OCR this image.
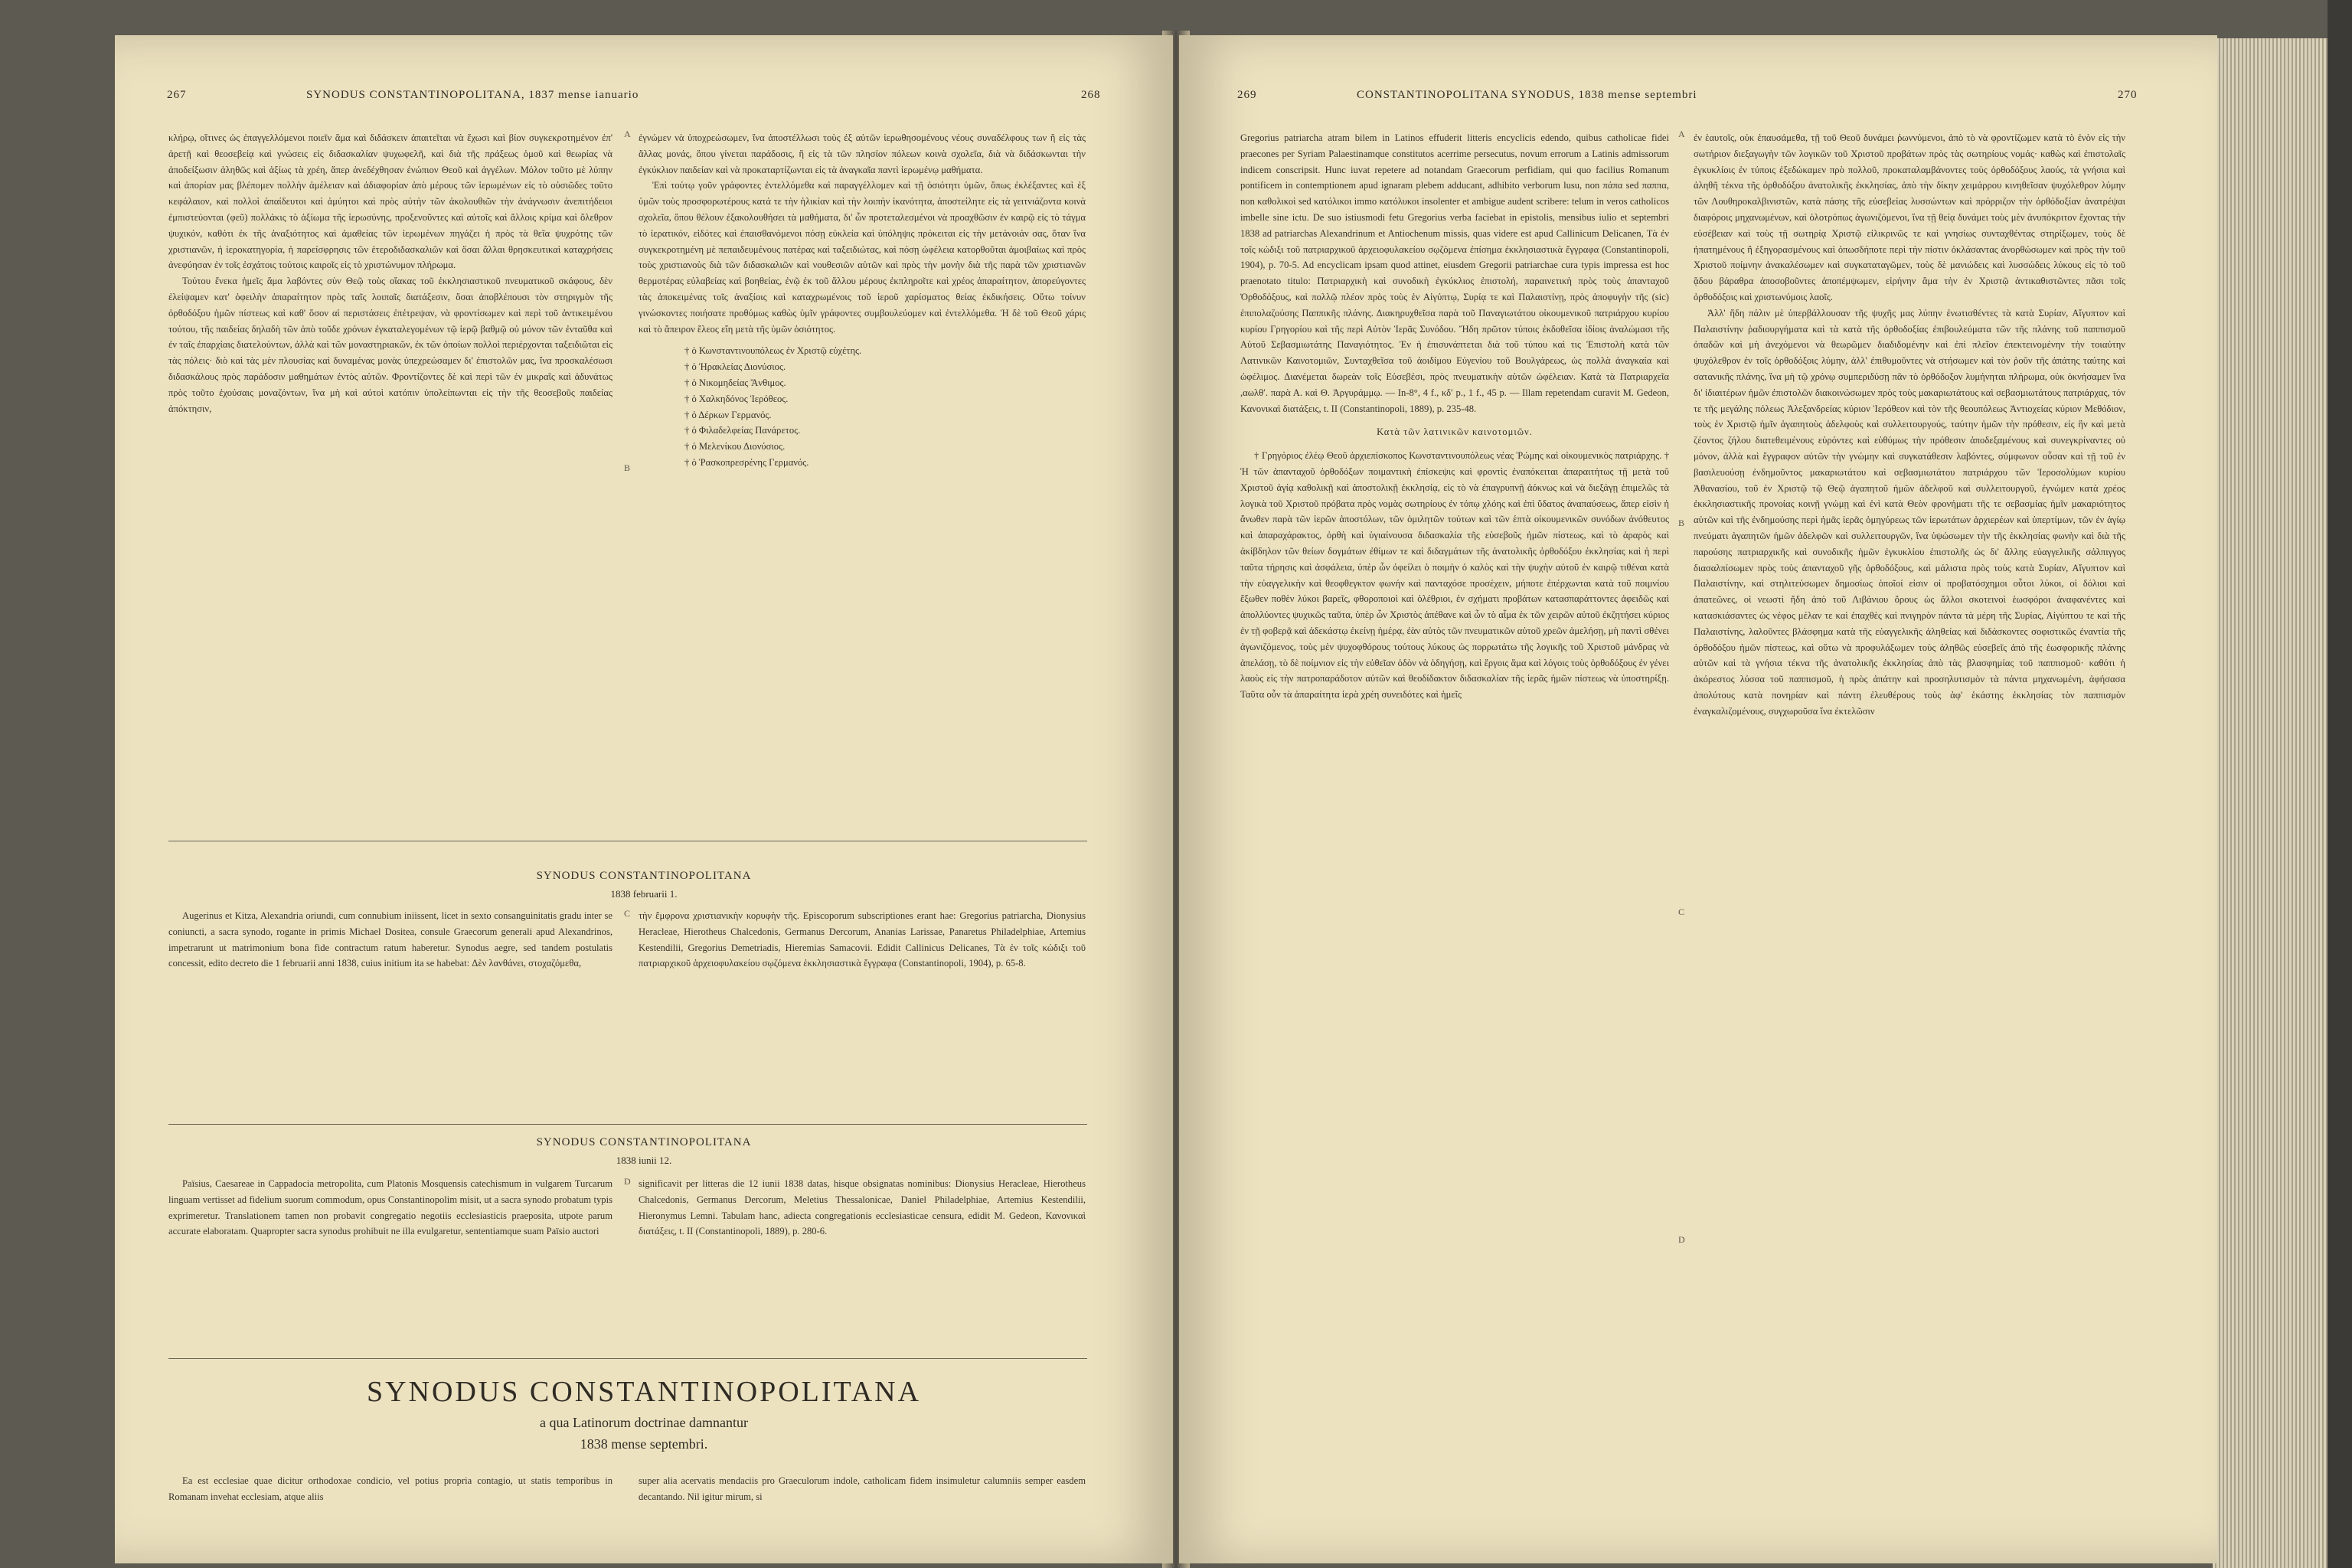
267	SYNODUS CONSTANTINOPOLITANA, 1837 mense ianuario	268

κλήρῳ, οἵτινες ὡς ἐπαγγελλόμενοι ποιεῖν ἅμα καὶ διδάσκειν ἀπαιτεῖται νὰ ἔχωσι καὶ βίον συγκεκροτημένον ἐπ' ἀρετῇ καὶ θεοσεβείᾳ καὶ γνώσεις εἰς διδασκαλίαν ψυχωφελῆ, καὶ διὰ τῆς πράξεως ὁμοῦ καὶ θεωρίας νὰ ἀποδείξωσιν ἀληθῶς καὶ ἀξίως τὰ χρέη, ἅπερ ἀνεδέχθησαν ἐνώπιον Θεοῦ καὶ ἀγγέλων. Μόλον τοῦτο μὲ λύπην καὶ ἀπορίαν μας βλέπομεν πολλὴν ἀμέλειαν καὶ ἀδιαφορίαν ἀπὸ μέρους τῶν ἱερωμένων εἰς τὸ οὐσιῶδες τοῦτο κεφάλαιον, καὶ πολλοὶ ἀπαίδευτοι καὶ ἀμύητοι καὶ πρὸς αὐτὴν τῶν ἀκολουθιῶν τὴν ἀνάγνωσιν ἀνεπιτήδειοι ἐμπιστεύονται (φεῦ) πολλάκις τὸ ἀξίωμα τῆς ἱερωσύνης, προξενοῦντες καὶ αὐτοῖς καὶ ἄλλοις κρίμα καὶ ὄλεθρον ψυχικόν, καθότι ἐκ τῆς ἀναξιότητος καὶ ἀμαθείας τῶν ἱερωμένων πηγάζει ἡ πρὸς τὰ θεῖα ψυχρότης τῶν χριστιανῶν, ἡ ἱεροκατηγορία, ἡ παρείσφρησις τῶν ἑτεροδιδασκαλιῶν καὶ ὅσαι ἄλλαι θρησκευτικαὶ καταχρήσεις ἀνεφύησαν ἐν τοῖς ἐσχάτοις τούτοις καιροῖς εἰς τὸ χριστώνυμον πλήρωμα.

Τούτου ἕνεκα ἡμεῖς ἅμα λαβόντες σὺν Θεῷ τοὺς οἴακας τοῦ ἐκκλησιαστικοῦ πνευματικοῦ σκάφους, δὲν ἐλείψαμεν κατ' ὀφειλὴν ἀπαραίτητον πρὸς ταῖς λοιπαῖς διατάξεσιν, ὅσαι ἀποβλέπουσι τὸν στηριγμὸν τῆς ὀρθοδόξου ἡμῶν πίστεως καὶ καθ' ὅσον αἱ περιστάσεις ἐπέτρεψαν, νὰ φροντίσωμεν καὶ περὶ τοῦ ἀντικειμένου τούτου, τῆς παιδείας δηλαδὴ τῶν ἀπὸ τοῦδε χρόνων ἐγκαταλεγομένων τῷ ἱερῷ βαθμῷ οὐ μόνον τῶν ἐνταῦθα καὶ ἐν ταῖς ἐπαρχίαις διατελούντων, ἀλλὰ καὶ τῶν μοναστηριακῶν, ἐκ τῶν ὁποίων πολλοὶ περιέρχονται ταξειδιῶται εἰς τὰς πόλεις· διὸ καὶ τὰς μὲν πλουσίας καὶ δυναμένας μονὰς ὑπεχρεώσαμεν δι' ἐπιστολῶν μας, ἵνα προσκαλέσωσι διδασκάλους πρὸς παράδοσιν μαθημάτων ἐντὸς αὐτῶν. Φροντίζοντες δὲ καὶ περὶ τῶν ἐν μικραῖς καὶ ἀδυνάτως πρὸς τοῦτο ἐχούσαις μοναζόντων, ἵνα μὴ καὶ αὐτοὶ κατόπιν ὑπολείπωνται εἰς τὴν τῆς θεοσεβοῦς παιδείας ἀπόκτησιν,

ἐγνώμεν νὰ ὑποχρεώσωμεν, ἵνα ἀποστέλλωσι τοὺς ἐξ αὐτῶν ἱερωθησομένους νέους συναδέλφους των ἢ εἰς τὰς ἄλλας μονάς, ὅπου γίνεται παράδοσις, ἢ εἰς τὰ τῶν πλησίον πόλεων κοινὰ σχολεῖα, διὰ νὰ διδάσκωνται τὴν ἐγκύκλιον παιδείαν καὶ νὰ προκαταρτίζωνται εἰς τὰ ἀναγκαῖα παντὶ ἱερωμένῳ μαθήματα.

Ἐπὶ τούτῳ γοῦν γράφοντες ἐντελλόμεθα καὶ παραγγέλλομεν καὶ τῇ ὁσιότητι ὑμῶν, ὅπως ἐκλέξαντες καὶ ἐξ ὑμῶν τοὺς προσφορωτέρους κατά τε τὴν ἡλικίαν καὶ τὴν λοιπὴν ἱκανότητα, ἀποστείλητε εἰς τὰ γειτνιάζοντα κοινὰ σχολεῖα, ὅπου θέλουν ἐξακολουθήσει τὰ μαθήματα, δι' ὧν προτεταλεσμένοι νὰ προαχθῶσιν ἐν καιρῷ εἰς τὸ τάγμα τὸ ἱερατικόν, εἰδότες καὶ ἐπαισθανόμενοι πόσῃ εὐκλεία καὶ ὑπόληψις πρόκειται εἰς τὴν μετάνοιάν σας, ὅταν ἴνα συγκεκροτημένη μὲ πεπαιδευμένους πατέρας καὶ ταξειδιώτας, καὶ πόσῃ ὠφέλεια κατορθοῦται ἀμοιβαίως καὶ πρὸς τοὺς χριστιανοὺς διὰ τῶν διδασκαλιῶν καὶ νουθεσιῶν αὐτῶν καὶ πρὸς τὴν μονὴν διὰ τῆς παρὰ τῶν χριστιανῶν θερμοτέρας εὐλαβείας καὶ βοηθείας, ἐνῷ ἐκ τοῦ ἄλλου μέρους ἐκπληροῖτε καὶ χρέος ἀπαραίτητον, ἀπορεύγοντες τὰς ἀποκειμένας τοῖς ἀναξίοις καὶ καταχρωμένοις τοῦ ἱεροῦ χαρίσματος θείας ἐκδικήσεις. Οὕτω τοίνυν γινώσκοντες ποιήσατε προθύμως καθὼς ὑμῖν γράφοντες συμβουλεύομεν καὶ ἐντελλόμεθα. Ἡ δὲ τοῦ Θεοῦ χάρις καὶ τὸ ἄπειρον ἔλεος εἴη μετὰ τῆς ὑμῶν ὁσιότητος.

† ὁ Κωνσταντινουπόλεως ἐν Χριστῷ εὐχέτης.

† ὁ Ἡρακλείας Διονύσιος.

† ὁ Νικομηδείας Ἄνθιμος.

† ὁ Χαλκηδόνος Ἱερόθεος.

† ὁ Δέρκων Γερμανός.

† ὁ Φιλαδελφείας Πανάρετος.

† ὁ Μελενίκου Διονύσιος.

† ὁ Ῥασκοπρεσρένης Γερμανός.

A
B
SYNODUS CONSTANTINOPOLITANA
1838 februarii 1.

Augerinus et Kitza, Alexandria oriundi, cum connubium iniissent, licet in sexto consanguinitatis gradu inter se coniuncti, a sacra synodo, rogante in primis Michael Dositea, consule Graecorum generali apud Alexandrinos, impetrarunt ut matrimonium bona fide contractum ratum haberetur. Synodus aegre, sed tandem postulatis concessit, edito decreto die 1 februarii anni 1838, cuius initium ita se habebat: Δὲν λανθάνει, στοχαζόμεθα,

C τὴν ἔμφρονα χριστιανικὴν κορυφὴν τῆς. Episcoporum subscriptiones erant hae: Gregorius patriarcha, Dionysius Heracleae, Hierotheus Chalcedonis, Germanus Dercorum, Ananias Larissae, Panaretus Philadelphiae, Artemius Kestendilii, Gregorius Demetriadis, Hieremias Samacovii. Edidit Callinicus Delicanes, Τὰ ἐν τοῖς κώδιξι τοῦ πατριαρχικοῦ ἀρχειοφυλακείου σῳζόμενα ἐκκλησιαστικὰ ἔγγραφα (Constantinopoli, 1904), p. 65-8.

SYNODUS CONSTANTINOPOLITANA
1838 iunii 12.

Païsius, Caesareae in Cappadocia metropolita, cum Platonis Mosquensis catechismum in vulgarem Turcarum linguam vertisset ad fidelium suorum commodum, opus Constantinopolim misit, ut a sacra synodo probatum typis exprimeretur. Translationem tamen non probavit congregatio negotiis ecclesiasticis praeposita, utpote parum accurate elaboratam. Quapropter sacra synodus prohibuit ne illa evulgaretur, sententiamque suam Païsio auctori

D significavit per litteras die 12 iunii 1838 datas, hisque obsignatas nominibus: Dionysius Heracleae, Hierotheus Chalcedonis, Germanus Dercorum, Meletius Thessalonicae, Daniel Philadelphiae, Artemius Kestendilii, Hieronymus Lemni. Tabulam hanc, adiecta congregationis ecclesiasticae censura, edidit M. Gedeon, Κανονικαὶ διατάξεις, t. II (Constantinopoli, 1889), p. 280-6.

SYNODUS CONSTANTINOPOLITANA
a qua Latinorum doctrinae damnantur
1838 mense septembri.

Ea est ecclesiae quae dicitur orthodoxae condicio, vel potius propria contagio, ut statis temporibus in Romanam invehat ecclesiam, atque aliis

super alia acervatis mendaciis pro Graeculorum indole, catholicam fidem insimuletur calumniis semper easdem decantando. Nil igitur mirum, si

269	CONSTANTINOPOLITANA SYNODUS, 1838 mense septembri	270

Gregorius patriarcha atram bilem in Latinos effuderit litteris encyclicis edendo, quibus catholicae fidei praecones per Syriam Palaestinamque constitutos acerrime persecutus, novum errorum a Latinis admissorum indicem conscripsit. Hunc iuvat repetere ad notandam Graecorum perfidiam, qui quo facilius Romanum pontificem in contemptionem apud ignaram plebem adducant, adhibito verborum lusu, non πάπα sed παππα, non καθολικοὶ sed κατόλικοι immo κατόλυκοι insolenter et ambigue audent scribere: telum in veros catholicos imbelle sine ictu. De suo istiusmodi fetu Gregorius verba faciebat in epistolis, mensibus iulio et septembri 1838 ad patriarchas Alexandrinum et Antiochenum missis, quas videre est apud Callinicum Delicanen, Τὰ ἐν τοῖς κώδιξι τοῦ πατριαρχικοῦ ἀρχειοφυλακείου σῳζόμενα ἐπίσημα ἐκκλησιαστικὰ ἔγγραφα (Constantinopoli, 1904), p. 70-5. Ad encyclicam ipsam quod attinet, eiusdem Gregorii patriarchae cura typis impressa est hoc praenotato titulo: Πατριαρχικὴ καὶ συνοδικὴ ἐγκύκλιος ἐπιστολή, παραινετικὴ πρὸς τοὺς ἀπανταχοῦ Ὀρθοδόξους, καὶ πολλῷ πλέον πρὸς τοὺς ἐν Αἰγύπτῳ, Συρίᾳ τε καὶ Παλαιστίνῃ, πρὸς ἀποφυγὴν τῆς (sic) ἐπιπολαζούσης Παππικῆς πλάνης. Διακηρυχθεῖσα παρὰ τοῦ Παναγιωτάτου οἰκουμενικοῦ πατριάρχου κυρίου κυρίου Γρηγορίου καὶ τῆς περὶ Αὐτὸν Ἱερᾶς Συνόδου. Ἤδη πρῶτον τύποις ἐκδοθεῖσα ἰδίοις ἀναλώμασι τῆς Αὐτοῦ Σεβασμιωτάτης Παναγιότητος. Ἐν ἡ ἐπισυνάπτεται διὰ τοῦ τύπου καὶ τις Ἐπιστολὴ κατὰ τῶν Λατινικῶν Καινοτομιῶν, Συνταχθεῖσα τοῦ ἀοιδίμου Εὐγενίου τοῦ Βουλγάρεως, ὡς πολλὰ ἀναγκαία καὶ ὠφέλιμος. Διανέμεται δωρεὰν τοῖς Εὐσεβέσι, πρὸς πνευματικὴν αὐτῶν ὠφέλειαν. Κατὰ τὰ Πατριαρχεῖα ,αωλθʹ. παρὰ Α. καὶ Θ. Ἀργυράμμῳ. — In-8°, 4 f., κδʹ p., 1 f., 45 p. — Illam repetendam curavit M. Gedeon, Κανονικαὶ διατάξεις, t. II (Constantinopoli, 1889), p. 235-48.

Κατὰ τῶν λατινικῶν καινοτομιῶν.

† Γρηγόριος ἐλέῳ Θεοῦ ἀρχιεπίσκοπος Κωνσταντινουπόλεως νέας Ῥώμης καὶ οἰκουμενικὸς πατριάρχης. † Ἡ τῶν ἀπανταχοῦ ὀρθοδόξων ποιμαντικὴ ἐπίσκεψις καὶ φροντὶς ἐναπόκειται ἀπαραιτήτως τῇ μετὰ τοῦ Χριστοῦ ἁγίᾳ καθολικῇ καὶ ἀποστολικῇ ἐκκλησίᾳ, εἰς τὸ νὰ ἐπαγρυπνῇ ἀόκνως καὶ νὰ διεξάγῃ ἐπιμελῶς τὰ λογικὰ τοῦ Χριστοῦ πρόβατα πρὸς νομὰς σωτηρίους ἐν τόπῳ χλόης καὶ ἐπὶ ὕδατος ἀναπαύσεως, ἅπερ εἰσὶν ἡ ἄνωθεν παρὰ τῶν ἱερῶν ἀποστόλων, τῶν ὁμιλητῶν τούτων καὶ τῶν ἑπτὰ οἰκουμενικῶν συνόδων ἀνόθευτος καὶ ἀπαραχάρακτος, ὀρθὴ καὶ ὑγιαίνουσα διδασκαλία τῆς εὐσεβοῦς ἡμῶν πίστεως, καὶ τὸ ἀραρὸς καὶ ἀκίβδηλον τῶν θείων δογμάτων ἐθίμων τε καὶ διδαγμάτων τῆς ἀνατολικῆς ὀρθοδόξου ἐκκλησίας καὶ ἡ περὶ ταῦτα τήρησις καὶ ἀσφάλεια, ὑπὲρ ὧν ὀφείλει ὁ ποιμὴν ὁ καλὸς καὶ τὴν ψυχὴν αὐτοῦ ἐν καιρῷ τιθέναι κατὰ τὴν εὐαγγελικὴν καὶ θεοφθεγκτον φωνήν καὶ πανταχόσε προσέχειν, μήποτε ἐπέρχωνται κατὰ τοῦ ποιμνίου ἔξωθεν ποθὲν λύκοι βαρεῖς, φθοροποιοὶ καὶ ὀλέθριοι, ἐν σχήματι προβάτων κατασπαράττοντες ἀφειδῶς καὶ ἀπολλύοντες ψυχικῶς ταῦτα, ὑπὲρ ὧν Χριστὸς ἀπέθανε καὶ ὧν τὸ αἷμα ἐκ τῶν χειρῶν αὐτοῦ ἐκζητήσει κύριος ἐν τῇ φοβερᾷ καὶ ἀδεκάστῳ ἐκείνῃ ἡμέρᾳ, ἐὰν αὐτὸς τῶν πνευματικῶν αὐτοῦ χρεῶν ἀμελήσῃ, μὴ παντὶ σθένει ἀγωνιζόμενος, τοὺς μὲν ψυχοφθόρους τούτους λύκους ὡς πορρωτάτω τῆς λογικῆς τοῦ Χριστοῦ μάνδρας νὰ ἀπελάσῃ, τὸ δὲ ποίμνιον εἰς τὴν εὐθεῖαν ὁδὸν νὰ ὁδηγήσῃ, καὶ ἔργοις ἅμα καὶ λόγοις τοὺς ὀρθοδόξους ἐν γένει λαοὺς εἰς τὴν πατροπαράδοτον αὐτῶν καὶ θεοδίδακτον διδασκαλίαν τῆς ἱερᾶς ἡμῶν πίστεως νὰ ὑποστηρίξῃ. Ταῦτα οὖν τὰ ἀπαραίτητα ἱερὰ χρέη συνειδότες καὶ ἡμεῖς

A
B
C
D

ἐν ἑαυτοῖς, οὐκ ἐπαυσάμεθα, τῇ τοῦ Θεοῦ δυνάμει ῥωννύμενοι, ἀπὸ τὸ νὰ φροντίζωμεν κατὰ τὸ ἐνὸν εἰς τὴν σωτήριον διεξαγωγὴν τῶν λογικῶν τοῦ Χριστοῦ προβάτων πρὸς τὰς σωτηρίους νομάς· καθὼς καὶ ἐπιστολαῖς ἐγκυκλίοις ἐν τύποις ἐξεδώκαμεν πρὸ πολλοῦ, προκαταλαμβάνοντες τοὺς ὀρθοδόξους λαούς, τὰ γνήσια καὶ ἀληθῆ τέκνα τῆς ὀρθοδόξου ἀνατολικῆς ἐκκλησίας, ἀπὸ τὴν δίκην χειμάρρου κινηθεῖσαν ψυχόλεθρον λύμην τῶν Λουθηροκαλβινιστῶν, κατὰ πάσης τῆς εὐσεβείας λυσσώντων καὶ πρόρριζον τὴν ὀρθόδοξίαν ἀνατρέψαι διαφόροις μηχανωμένων, καὶ ὁλοτρόπως ἀγωνιζόμενοι, ἵνα τῇ θείᾳ δυνάμει τοὺς μὲν ἀνυπόκριτον ἔχοντας τὴν εὐσέβειαν καὶ τοὺς τῇ σωτηρίᾳ Χριστῷ εἰλικρινῶς τε καὶ γνησίως συνταχθέντας στηρίξωμεν, τοὺς δὲ ἠπατημένους ἢ ἐξηγορασμένους καὶ ὁπωσδήποτε περὶ τὴν πίστιν ὀκλάσαντας ἀνορθώσωμεν καὶ πρὸς τὴν τοῦ Χριστοῦ ποίμνην ἀνακαλέσωμεν καὶ συγκαταταγῶμεν, τοὺς δὲ μανιώδεις καὶ λυσσώδεις λύκους εἰς τὸ τοῦ ᾅδου βάραθρα ἀποσοβοῦντες ἀποπέμψωμεν, εἰρήνην ἅμα τὴν ἐν Χριστῷ ἀντικαθιστῶντες πᾶσι τοῖς ὀρθοδόξοις καὶ χριστωνύμοις λαοῖς.

Ἀλλ' ἤδη πάλιν μὲ ὑπερβάλλουσαν τῆς ψυχῆς μας λύπην ἐνωτισθέντες τὰ κατὰ Συρίαν, Αἴγυπτον καὶ Παλαιστίνην ῥαδιουργήματα καὶ τὰ κατὰ τῆς ὀρθοδοξίας ἐπιβουλεύματα τῶν τῆς πλάνης τοῦ παππισμοῦ ὀπαδῶν καὶ μὴ ἀνεχόμενοι νὰ θεωρῶμεν διαδιδομένην καὶ ἐπὶ πλεῖον ἐπεκτεινομένην τὴν τοιαύτην ψυχόλεθρον ἐν τοῖς ὀρθοδόξοις λύμην, ἀλλ' ἐπιθυμοῦντες νὰ στήσωμεν καὶ τὸν ῥοῦν τῆς ἀπάτης ταύτης καὶ σατανικῆς πλάνης, ἵνα μὴ τῷ χρόνῳ συμπεριδύσῃ πᾶν τὸ ὀρθόδοξον λυμήνηται πλήρωμα, οὐκ ὀκνήσαμεν ἵνα δι' ἰδιαιτέρων ἡμῶν ἐπιστολῶν διακοινώσωμεν πρὸς τοὺς μακαριωτάτους καὶ σεβασμιωτάτους πατριάρχας, τόν τε τῆς μεγάλης πόλεως Ἀλεξανδρείας κύριον Ἱερόθεον καὶ τὸν τῆς θεουπόλεως Ἀντιοχείας κύριον Μεθόδιον, τοὺς ἐν Χριστῷ ἡμῖν ἀγαπητοὺς ἀδελφοὺς καὶ συλλειτουργούς, ταύτην ἡμῶν τὴν πρόθεσιν, εἰς ἣν καὶ μετὰ ζέοντος ζήλου διατεθειμένους εὑρόντες καὶ εὐθύμως τὴν πρόθεσιν ἀποδεξαμένους καὶ συνεγκρίναντες οὐ μόνον, ἀλλὰ καὶ ἔγγραφον αὐτῶν τὴν γνώμην καὶ συγκατάθεσιν λαβόντες, σύμφωνον οὖσαν καὶ τῇ τοῦ ἐν βασιλευούσῃ ἐνδημοῦντος μακαριωτάτου καὶ σεβασμιωτάτου πατριάρχου τῶν Ἱεροσολύμων κυρίου Ἀθανασίου, τοῦ ἐν Χριστῷ τῷ Θεῷ ἀγαπητοῦ ἡμῶν ἀδελφοῦ καὶ συλλειτουργοῦ, ἐγνώμεν κατὰ χρέος ἐκκλησιαστικῆς προνοίας κοινῇ γνώμῃ καὶ ἐνὶ κατὰ Θεὸν φρονήματι τῆς τε σεβασμίας ἡμῖν μακαριότητος αὐτῶν καὶ τῆς ἐνδημούσης περὶ ἡμᾶς ἱερᾶς ὁμηγύρεως τῶν ἱερωτάτων ἀρχιερέων καὶ ὑπερτίμων, τῶν ἐν ἁγίῳ πνεύματι ἀγαπητῶν ἡμῶν ἀδελφῶν καὶ συλλειτουργῶν, ἵνα ὑψώσωμεν τὴν τῆς ἐκκλησίας φωνὴν καὶ διὰ τῆς παρούσης πατριαρχικῆς καὶ συνοδικῆς ἡμῶν ἐγκυκλίου ἐπιστολῆς ὡς δι' ἄλλης εὐαγγελικῆς σάλπιγγος διασαλπίσωμεν πρὸς τοὺς ἁπανταχοῦ γῆς ὀρθοδόξους, καὶ μάλιστα πρὸς τοὺς κατὰ Συρίαν, Αἴγυπτον καὶ Παλαιστίνην, καὶ στηλιτεύσωμεν δημοσίως ὁποῖοί εἰσιν οἱ προβατόσχημοι οὗτοι λύκοι, οἱ δόλιοι καὶ ἀπατεῶνες, οἱ νεωστὶ ἤδη ἀπὸ τοῦ Λιβάνιου ὄρους ὡς ἄλλοι σκοτεινοὶ ἑωσφόροι ἀναφανέντες καὶ κατασκιάσαντες ὡς νέφος μέλαν τε καὶ ἐπαχθὲς καὶ πνιγηρὸν πάντα τὰ μέρη τῆς Συρίας, Αἰγύπτου τε καὶ τῆς Παλαιστίνης, λαλοῦντες βλάσφημα κατὰ τῆς εὐαγγελικῆς ἀληθείας καὶ διδάσκοντες σοφιστικῶς ἐναντία τῆς ὀρθοδόξου ἡμῶν πίστεως, καὶ οὕτω νὰ προφυλάξωμεν τοὺς ἀληθῶς εὐσεβεῖς ἀπὸ τῆς ἑωσφορικῆς πλάνης αὐτῶν καὶ τὰ γνήσια τέκνα τῆς ἀνατολικῆς ἐκκλησίας ἀπὸ τὰς βλασφημίας τοῦ παππισμοῦ· καθότι ἡ ἀκόρεστος λύσσα τοῦ παππισμοῦ, ἡ πρὸς ἀπάτην καὶ προσηλυτισμὸν τὰ πάντα μηχανωμένη, ἀφήσασα ἀπολύτους κατὰ πονηρίαν καὶ πάντη ἐλευθέρους τοὺς ἀφ' ἑκάστης ἐκκλησίας τὸν παππισμὸν ἐναγκαλιζομένους, συγχωροῦσα ἵνα ἐκτελῶσιν
